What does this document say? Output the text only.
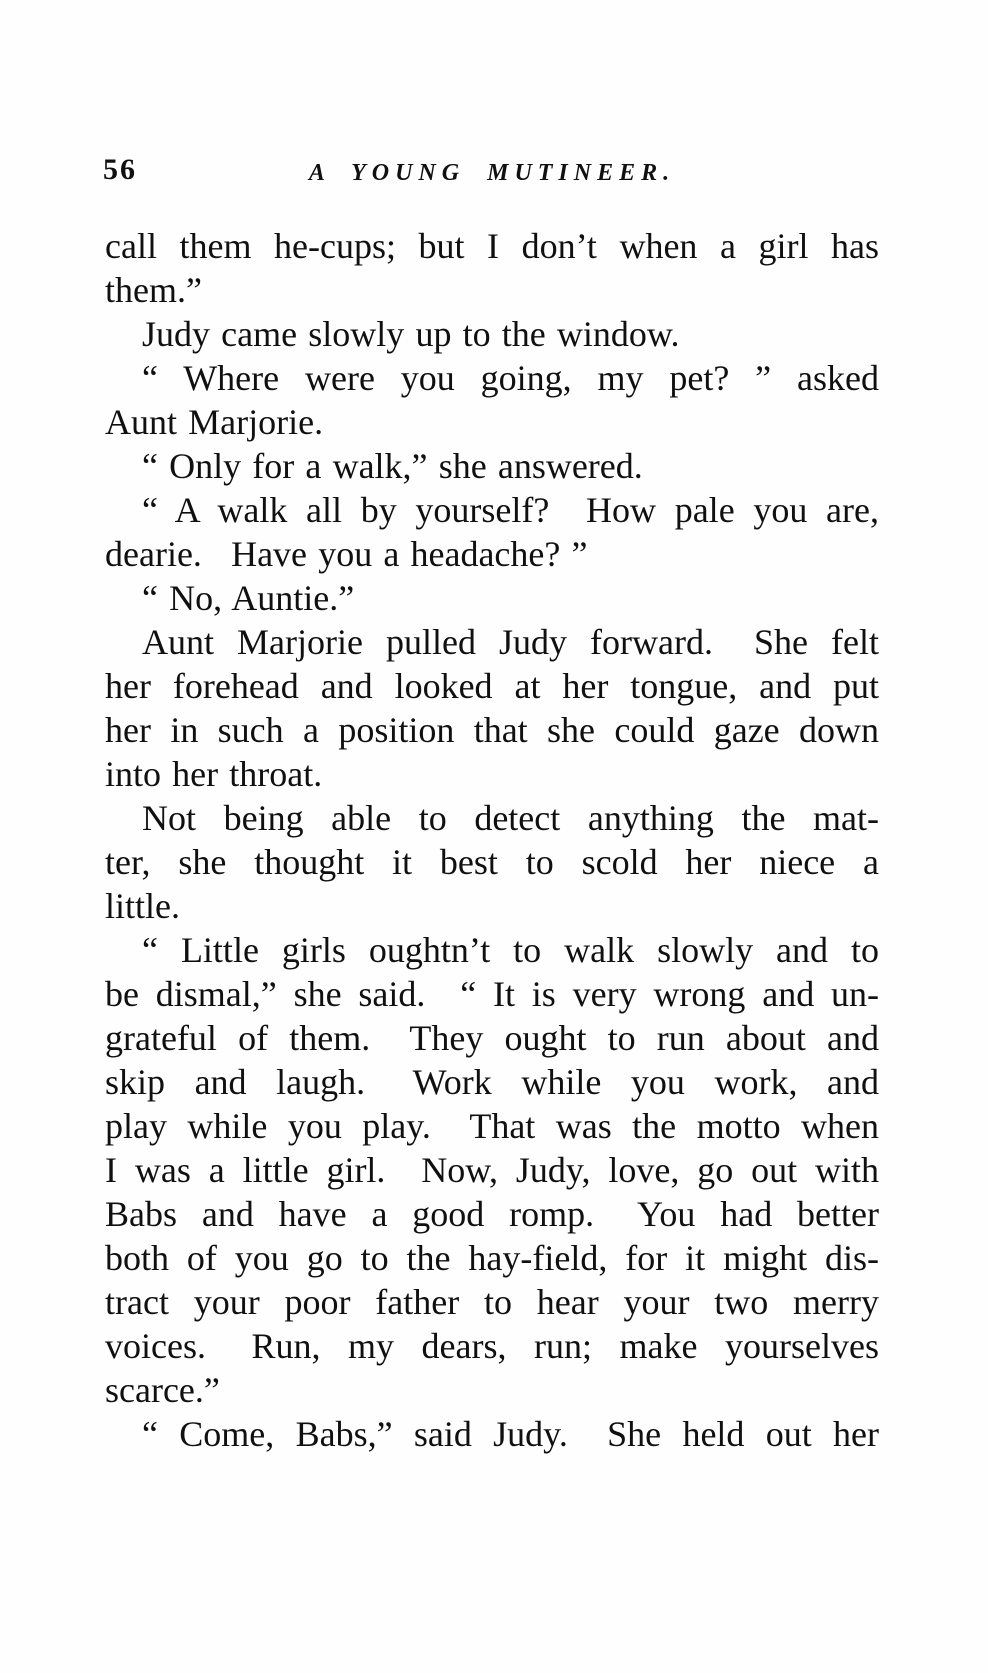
56	A YOUNG MUTINEER.
call them he-cups; but I don’t when a girl has
them.”
Judy came slowly up to the window.
“ Where were you going, my pet? ” asked
Aunt Marjorie.
“ Only for a walk,” she answered.
“ A walk all by yourself?  How pale you are,
dearie.  Have you a headache? ”
“ No, Auntie.”
Aunt Marjorie pulled Judy forward.  She felt
her forehead and looked at her tongue, and put
her in such a position that she could gaze down
into her throat.
Not being able to detect anything the mat-
ter, she thought it best to scold her niece a
little.
“ Little girls oughtn’t to walk slowly and to
be dismal,” she said.  “ It is very wrong and un-
grateful of them.  They ought to run about and
skip and laugh.  Work while you work, and
play while you play.  That was the motto when
I was a little girl.  Now, Judy, love, go out with
Babs and have a good romp.  You had better
both of you go to the hay-field, for it might dis-
tract your poor father to hear your two merry
voices.  Run, my dears, run; make yourselves
scarce.”
“ Come, Babs,” said Judy.  She held out her
